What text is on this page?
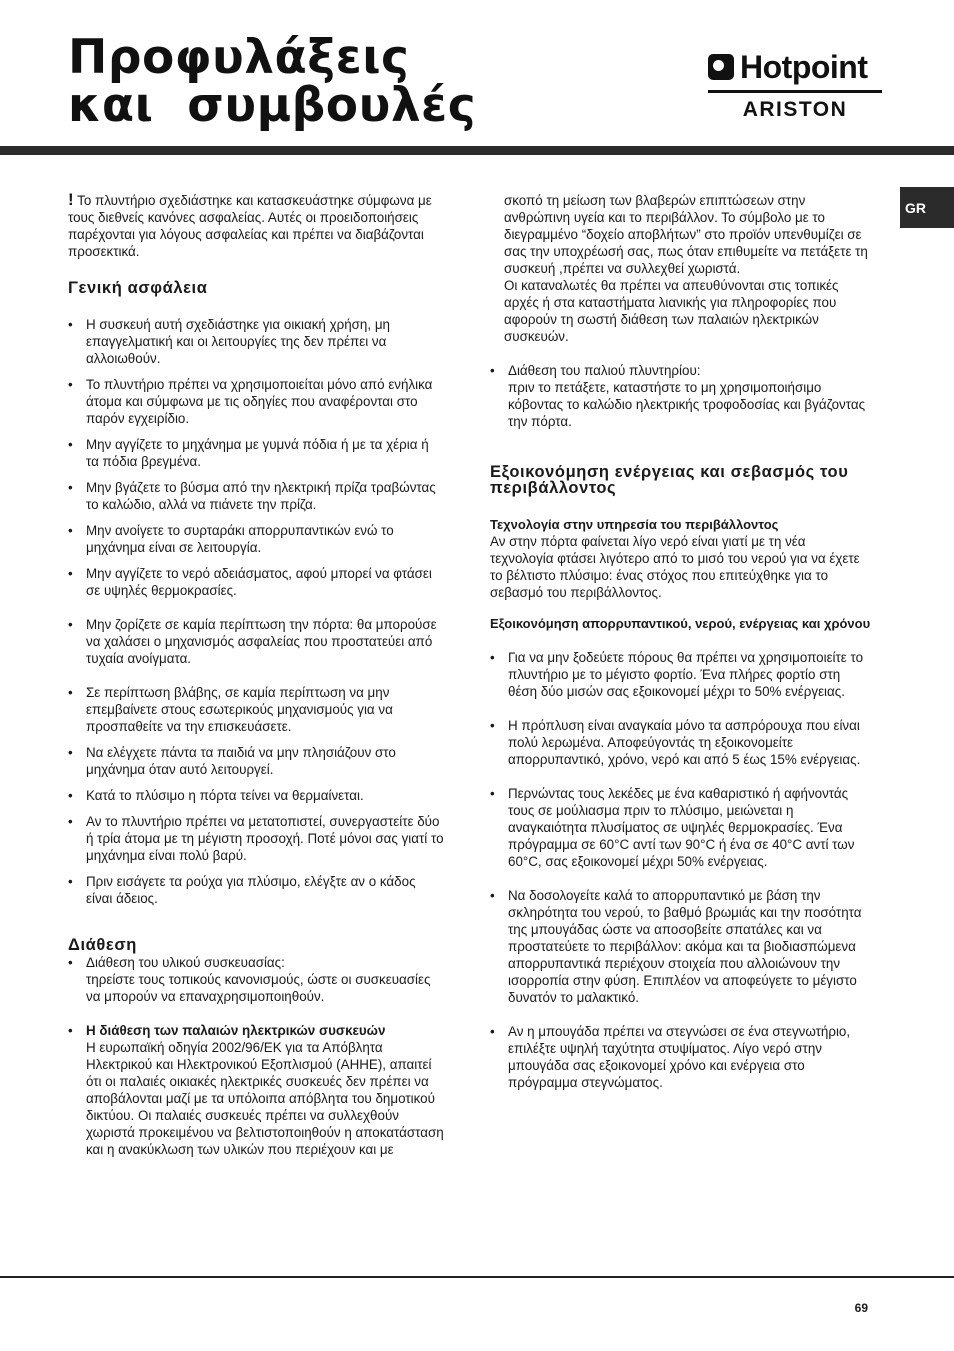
Προφυλάξεις
και  συμβουλές
Hotpoint
ARISTON
GR

! Το πλυντήριο σχεδιάστηκε και κατασκευάστηκε σύμφωνα με τους διεθνείς κανόνες ασφαλείας. Αυτές οι προειδοποιήσεις παρέχονται για λόγους ασφαλείας και πρέπει να διαβάζονται προσεκτικά.

Γενική ασφάλεια
• Η συσκευή αυτή σχεδιάστηκε για οικιακή χρήση, μη επαγγελματική και οι λειτουργίες της δεν πρέπει να αλλοιωθούν.
• Το πλυντήριο πρέπει να χρησιμοποιείται μόνο από ενήλικα άτομα και σύμφωνα με τις οδηγίες που αναφέρονται στο παρόν εγχειρίδιο.
• Μην αγγίζετε το μηχάνημα με γυμνά πόδια ή με τα χέρια ή τα πόδια βρεγμένα.
• Μην βγάζετε το βύσμα από την ηλεκτρική πρίζα τραβώντας το καλώδιο, αλλά να πιάνετε την πρίζα.
• Μην ανοίγετε το συρταράκι απορρυπαντικών ενώ το μηχάνημα είναι σε λειτουργία.
• Μην αγγίζετε το νερό αδειάσματος, αφού μπορεί να φτάσει σε υψηλές θερμοκρασίες.
• Μην ζορίζετε σε καμία περίπτωση την πόρτα: θα μπορούσε να χαλάσει ο μηχανισμός ασφαλείας που προστατεύει από τυχαία ανοίγματα.
• Σε περίπτωση βλάβης, σε καμία περίπτωση να μην επεμβαίνετε στους εσωτερικούς μηχανισμούς για να προσπαθείτε να την επισκευάσετε.
• Να ελέγχετε πάντα τα παιδιά να μην πλησιάζουν στο μηχάνημα όταν αυτό λειτουργεί.
• Κατά το πλύσιμο η πόρτα τείνει να θερμαίνεται.
• Αν το πλυντήριο πρέπει να μετατοπιστεί, συνεργαστείτε δύο ή τρία άτομα με τη μέγιστη προσοχή. Ποτέ μόνοι σας γιατί το μηχάνημα είναι πολύ βαρύ.
• Πριν εισάγετε τα ρούχα για πλύσιμο, ελέγξτε αν ο κάδος είναι άδειος.
Διάθεση
• Διάθεση του υλικού συσκευασίας:
τηρείστε τους τοπικούς κανονισμούς, ώστε οι συσκευασίες να μπορούν να επαναχρησιμοποιηθούν.
• Η διάθεση των παλαιών ηλεκτρικών συσκευών
Η ευρωπαϊκή οδηγία 2002/96/ΕΚ για τα Απόβλητα Ηλεκτρικού και Ηλεκτρονικού Εξοπλισμού (ΑΗΗΕ), απαιτεί ότι οι παλαιές οικιακές ηλεκτρικές συσκευές δεν πρέπει να αποβάλονται μαζί με τα υπόλοιπα απόβλητα του δημοτικού δικτύου. Οι παλαιές συσκευές πρέπει να συλλεχθούν χωριστά προκειμένου να βελτιστοποιηθούν η αποκατάσταση και η ανακύκλωση των υλικών που περιέχουν και με

σκοπό τη μείωση των βλαβερών επιπτώσεων στην ανθρώπινη υγεία και το περιβάλλον. Το σύμβολο με το διεγραμμένο “δοχείο αποβλήτων” στο προϊόν υπενθυμίζει σε σας την υποχρέωσή σας, πως όταν επιθυμείτε να πετάξετε τη συσκευή ,πρέπει να συλλεχθεί χωριστά.

Οι καταναλωτές θα πρέπει να απευθύνονται στις τοπικές αρχές ή στα καταστήματα λιανικής για πληροφορίες που αφορούν τη σωστή διάθεση των παλαιών ηλεκτρικών συσκευών.

• Διάθεση του παλιού πλυντηρίου:
πριν το πετάξετε, καταστήστε το μη χρησιμοποιήσιμο κόβοντας το καλώδιο ηλεκτρικής τροφοδοσίας και βγάζοντας την πόρτα.
Εξοικονόμηση ενέργειας και σεβασμός του περιβάλλοντος
Τεχνολογία στην υπηρεσία του περιβάλλοντος

Αν στην πόρτα φαίνεται λίγο νερό είναι γιατί με τη νέα τεχνολογία φτάσει λιγότερο από το μισό του νερού για να έχετε το βέλτιστο πλύσιμο: ένας στόχος που επιτεύχθηκε για το σεβασμό του περιβάλλοντος.

Εξοικονόμηση απορρυπαντικού, νερού, ενέργειας και χρόνου
• Για να μην ξοδεύετε πόρους θα πρέπει να χρησιμοποιείτε το πλυντήριο με το μέγιστο φορτίο. Ένα πλήρες φορτίο στη θέση δύο μισών σας εξοικονομεί μέχρι το 50% ενέργειας.
• Η πρόπλυση είναι αναγκαία μόνο τα ασπρόρουχα που είναι πολύ λερωμένα. Αποφεύγοντάς τη εξοικονομείτε απορρυπαντικό, χρόνο, νερό και από 5 έως 15% ενέργειας.
• Περνώντας τους λεκέδες με ένα καθαριστικό ή αφήνοντάς τους σε μούλιασμα πριν το πλύσιμο, μειώνεται η αναγκαιότητα πλυσίματος σε υψηλές θερμοκρασίες. Ένα πρόγραμμα σε 60°C αντί των 90°C ή ένα σε 40°C αντί των 60°C, σας εξοικονομεί μέχρι 50% ενέργειας.
• Να δοσολογείτε καλά το απορρυπαντικό με βάση την σκληρότητα του νερού, το βαθμό βρωμιάς και την ποσότητα της μπουγάδας ώστε να αποσοβείτε σπατάλες και να προστατεύετε το περιβάλλον: ακόμα και τα βιοδιασπώμενα απορρυπαντικά περιέχουν στοιχεία που αλλοιώνουν την ισορροπία στην φύση. Επιπλέον να αποφεύγετε το μέγιστο δυνατόν το μαλακτικό.
• Αν η μπουγάδα πρέπει να στεγνώσει σε ένα στεγνωτήριο, επιλέξτε υψηλή ταχύτητα στυψίματος. Λίγο νερό στην μπουγάδα σας εξοικονομεί χρόνο και ενέργεια στο πρόγραμμα στεγνώματος.
69
